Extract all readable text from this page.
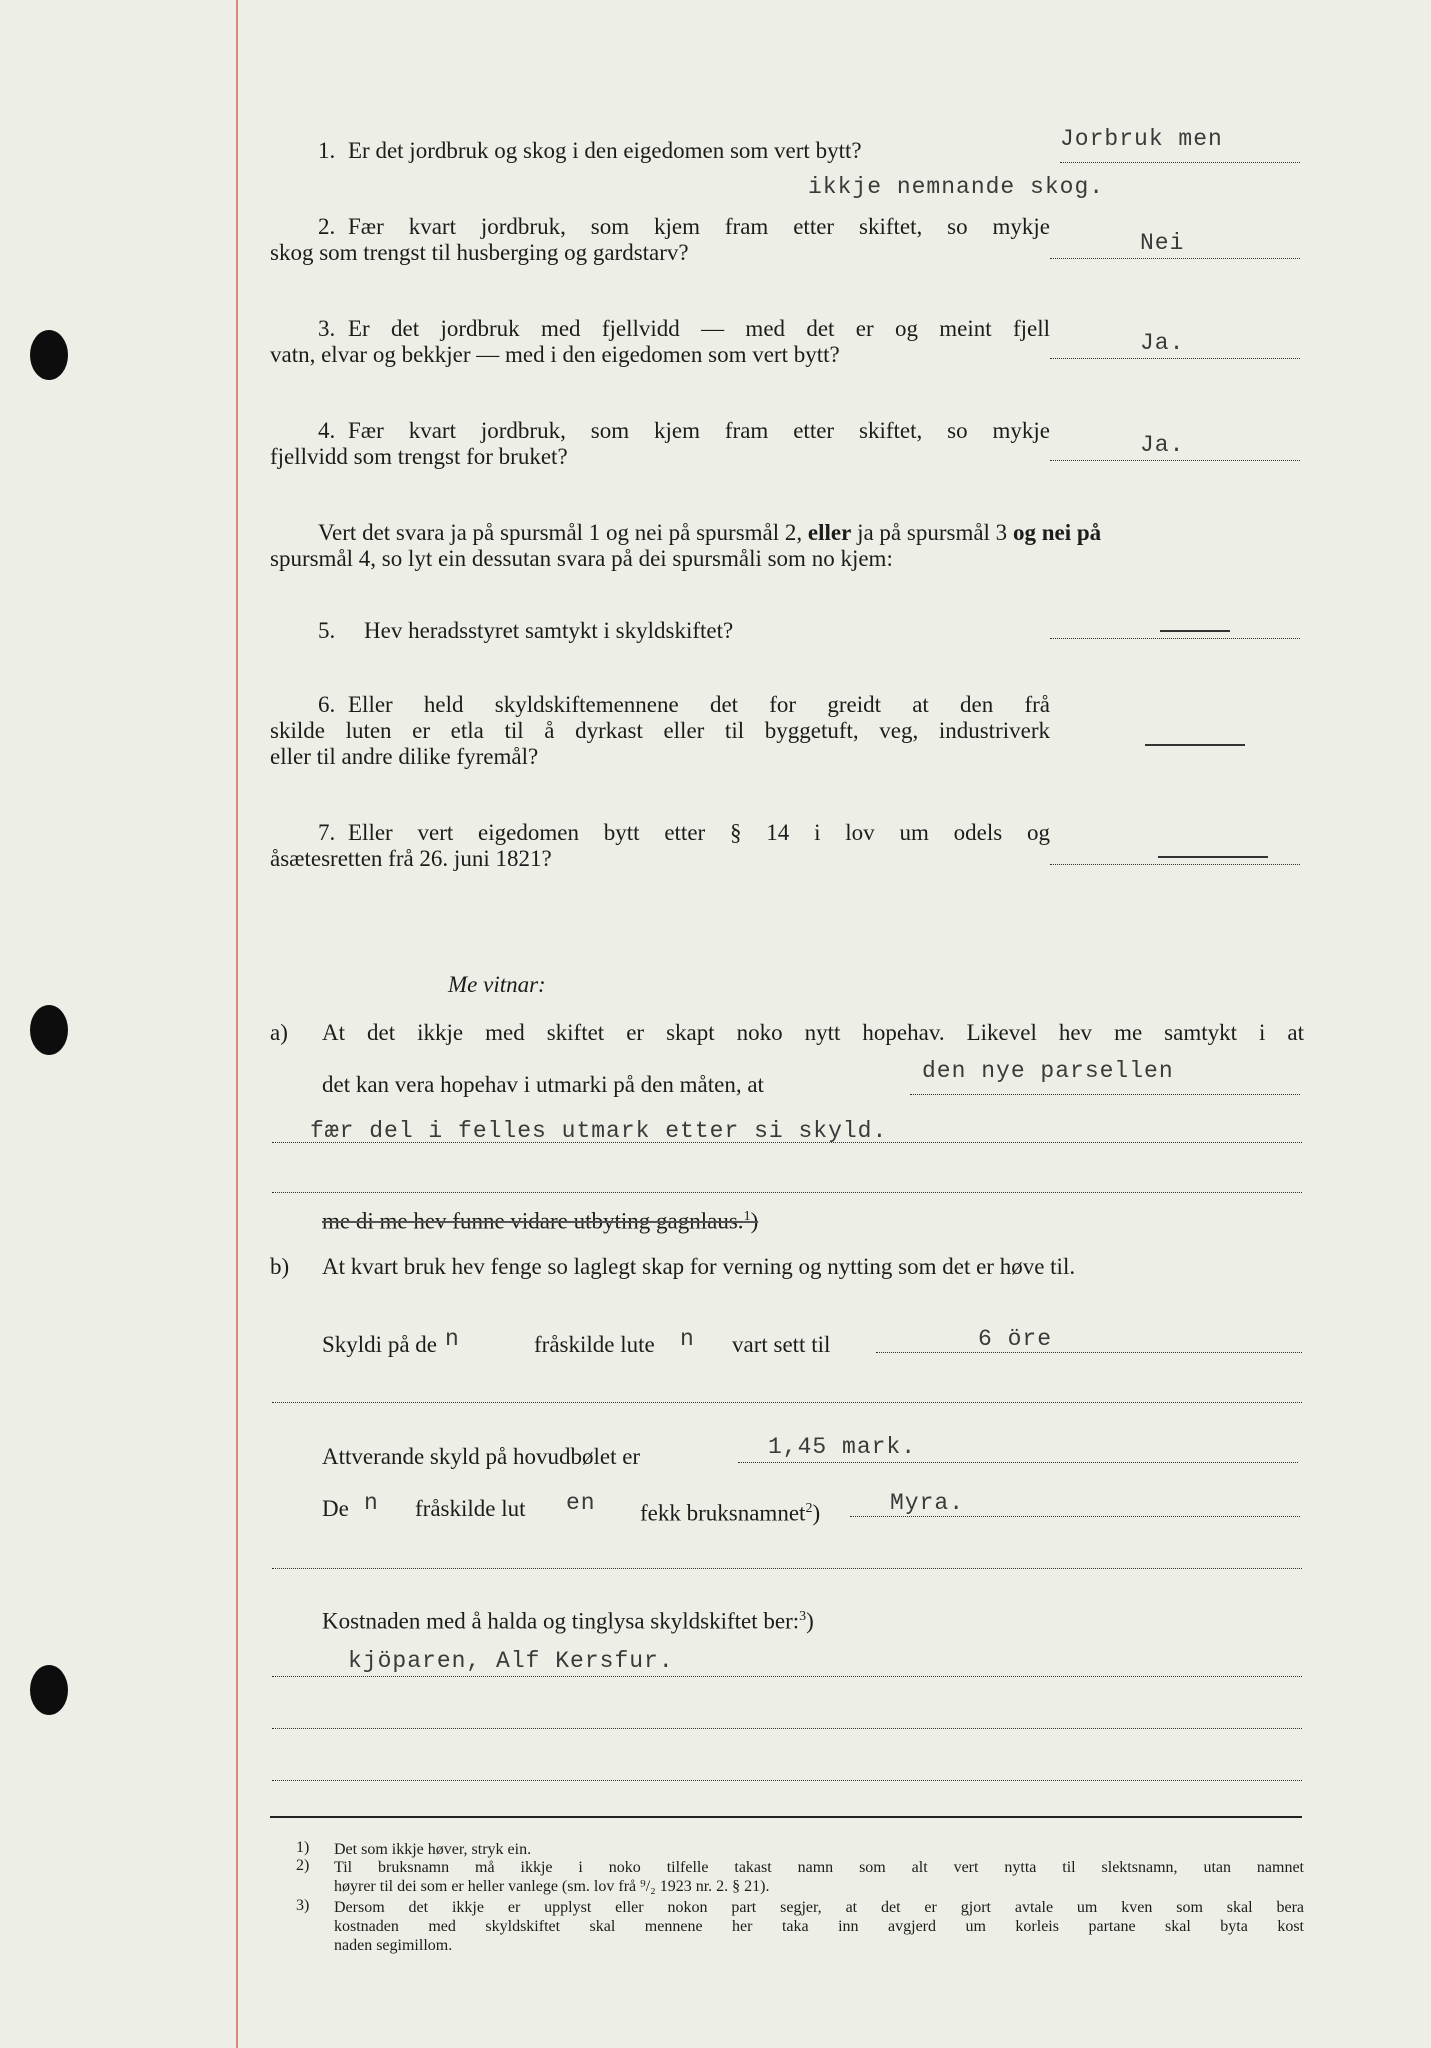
1. Er det jordbruk og skog i den eigedomen som vert bytt?	Jorbruk men
ikkje nemnande skog.
2. Fær kvart jordbruk, som kjem fram etter skiftet, so mykje
skog som trengst til husberging og gardstarv?	Nei
3. Er det jordbruk med fjellvidd — med det er og meint fjell
vatn, elvar og bekkjer — med i den eigedomen som vert bytt?	Ja.
4. Fær kvart jordbruk, som kjem fram etter skiftet, so mykje
fjellvidd som trengst for bruket?	Ja.
Vert det svara ja på spursmål 1 og nei på spursmål 2, eller ja på spursmål 3 og nei på
spursmål 4, so lyt ein dessutan svara på dei spursmåli som no kjem:
5. Hev heradsstyret samtykt i skyldskiftet?
6. Eller held skyldskiftemennene det for greidt at den frå
skilde luten er etla til å dyrkast eller til byggetuft, veg, industriverk
eller til andre dilike fyremål?
7. Eller vert eigedomen bytt etter § 14 i lov um odels og
åsætesretten frå 26. juni 1821?
Me vitnar:
a) At det ikkje med skiftet er skapt noko nytt hopehav. Likevel hev me samtykt i at
det kan vera hopehav i utmarki på den måten, at
den nye parsellen
fær del i felles utmark etter si skyld.
me di me hev funne vidare utbyting gagnlaus.$^1$)
b) At kvart bruk hev fenge so laglegt skap for verning og nytting som det er høve til.
Skyldi på de n	fråskilde lute n vart sett til	6 öre
Attverande skyld på hovudbølet er	1,45 mark.
De n fråskilde lut en fekk bruksnamnet$^2$)	Myra.
Kostnaden med å halda og tinglysa skyldskiftet ber:$^3$)
kjöparen, Alf Kersfur.
1) Det som ikkje høver, stryk ein.
2) Til bruksnamn må ikkje i noko tilfelle takast namn som alt vert nytta til slektsnamn, utan namnet
høyrer til dei som er heller vanlege (sm. lov frå ⁹/₂ 1923 nr. 2. § 21).
3) Dersom det ikkje er upplyst eller nokon part segjer, at det er gjort avtale um kven som skal bera
kostnaden med skyldskiftet skal mennene her taka inn avgjerd um korleis partane skal byta kost
naden segimillom.
